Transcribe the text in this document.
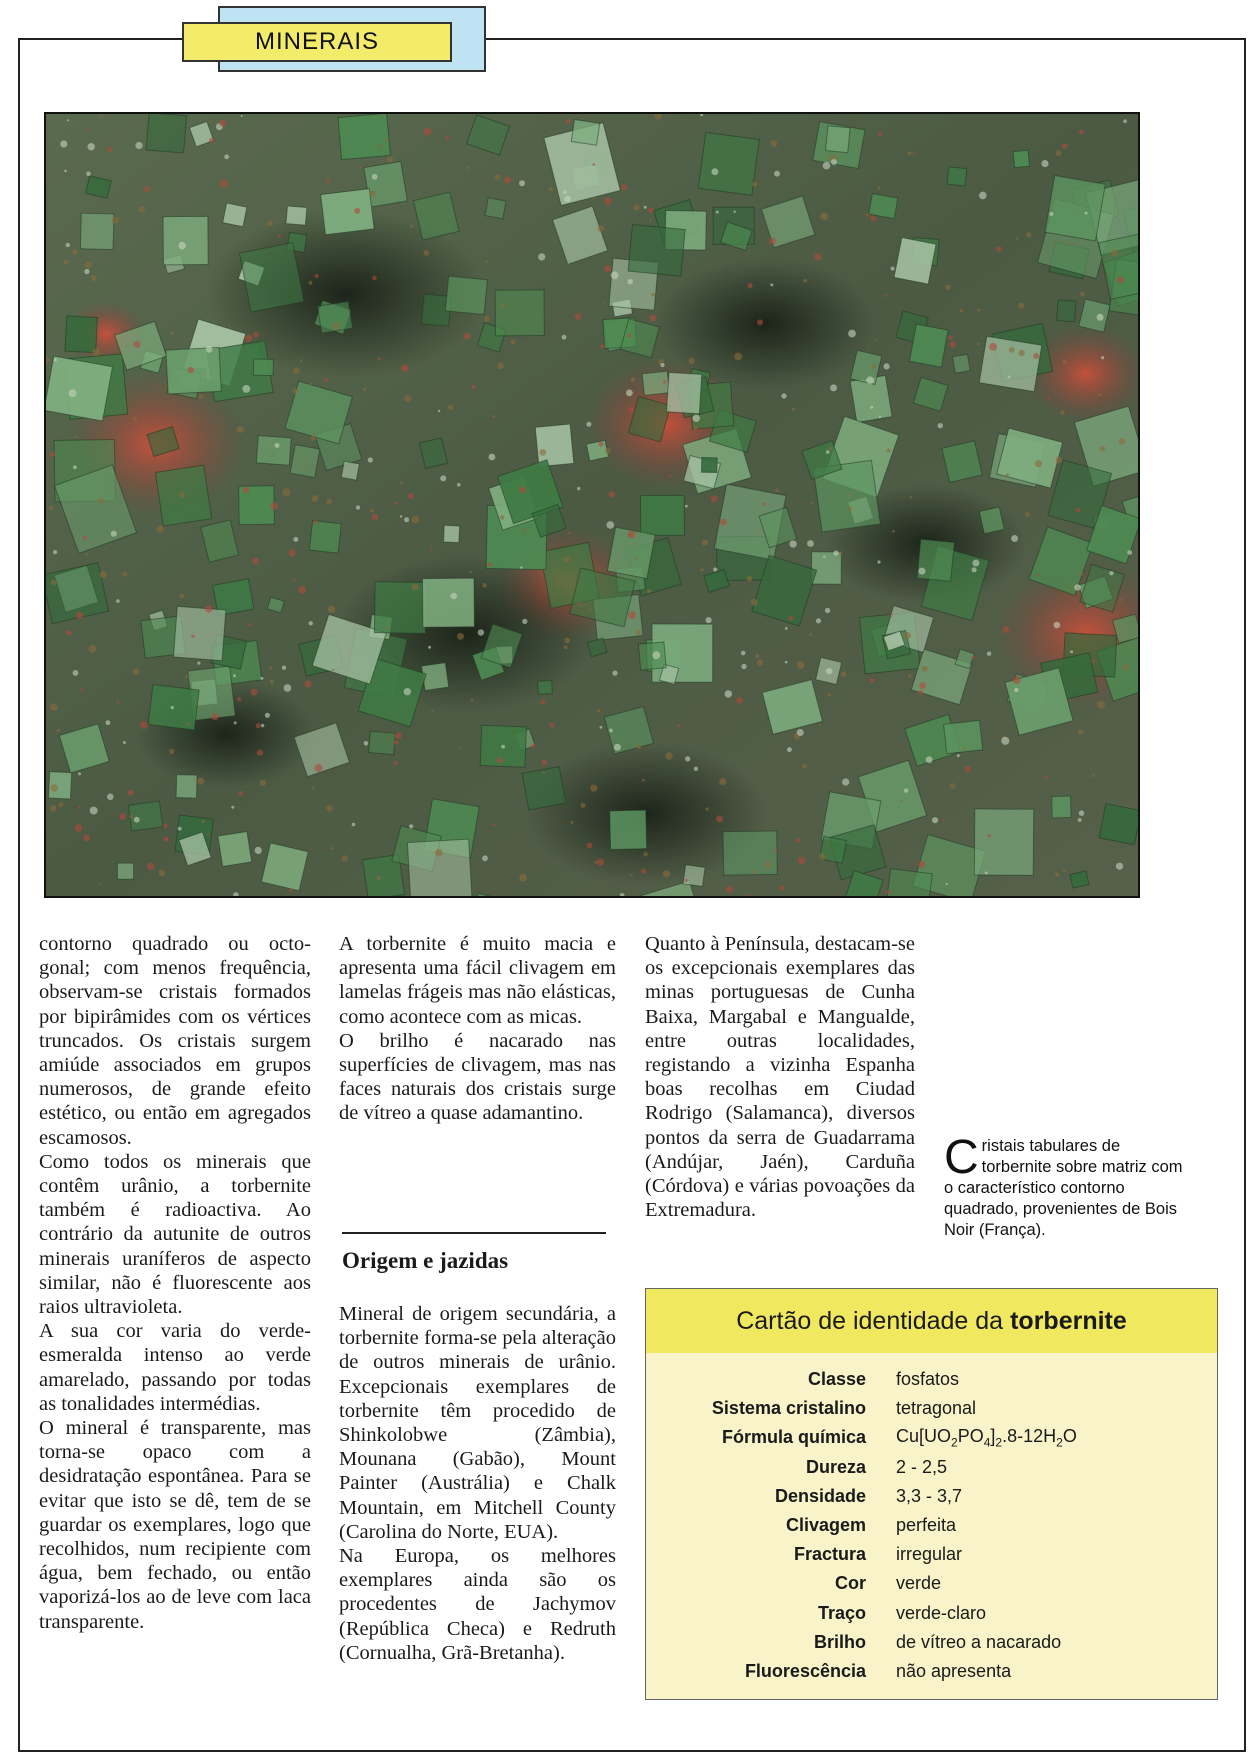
MINERAIS

contorno quadrado ou octo-gonal; com menos frequência, observam-se cristais formados por bipirâmides com os vértices truncados. Os cristais surgem amiúde associados em grupos numerosos, de grande efeito estético, ou então em agregados escamosos.

Como todos os minerais que contêm urânio, a torbernite também é radioactiva. Ao contrário da autunite de outros minerais uraníferos de aspecto similar, não é fluorescente aos raios ultravioleta.

A sua cor varia do verde-esmeralda intenso ao verde amarelado, passando por todas as tonalidades intermédias.

O mineral é transparente, mas torna-se opaco com a desidratação espontânea. Para se evitar que isto se dê, tem de se guardar os exemplares, logo que recolhidos, num recipiente com água, bem fechado, ou então vaporizá-los ao de leve com laca transparente.

A torbernite é muito macia e apresenta uma fácil clivagem em lamelas frágeis mas não elásticas, como acontece com as micas.

O brilho é nacarado nas superfícies de clivagem, mas nas faces naturais dos cristais surge de vítreo a quase adamantino.

Origem e jazidas

Mineral de origem secundária, a torbernite forma-se pela alteração de outros minerais de urânio. Excepcionais exemplares de torbernite têm procedido de Shinkolobwe (Zâmbia), Mounana (Gabão), Mount Painter (Austrália) e Chalk Mountain, em Mitchell County (Carolina do Norte, EUA).

Na Europa, os melhores exemplares ainda são os procedentes de Jachymov (República Checa) e Redruth (Cornualha, Grã-Bretanha).

Quanto à Península, destacam-se os excepcionais exemplares das minas portuguesas de Cunha Baixa, Margabal e Mangualde, entre outras localidades, registando a vizinha Espanha boas recolhas em Ciudad Rodrigo (Salamanca), diversos pontos da serra de Guadarrama (Andújar, Jaén), Carduña (Córdova) e várias povoações da Extremadura.

Cristais tabulares de torbernite sobre matriz com o característico contorno quadrado, provenientes de Bois Noir (França).
Cartão de identidade da torbernite
Classe	fosfatos
Sistema cristalino	tetragonal
Fórmula química	$Cu[UO_2PO_4]_2.8-12H_2O$
Dureza	2 - 2,5
Densidade	3,3 - 3,7
Clivagem	perfeita
Fractura	irregular
Cor	verde
Traço	verde-claro
Brilho	de vítreo a nacarado
Fluorescência	não apresenta
